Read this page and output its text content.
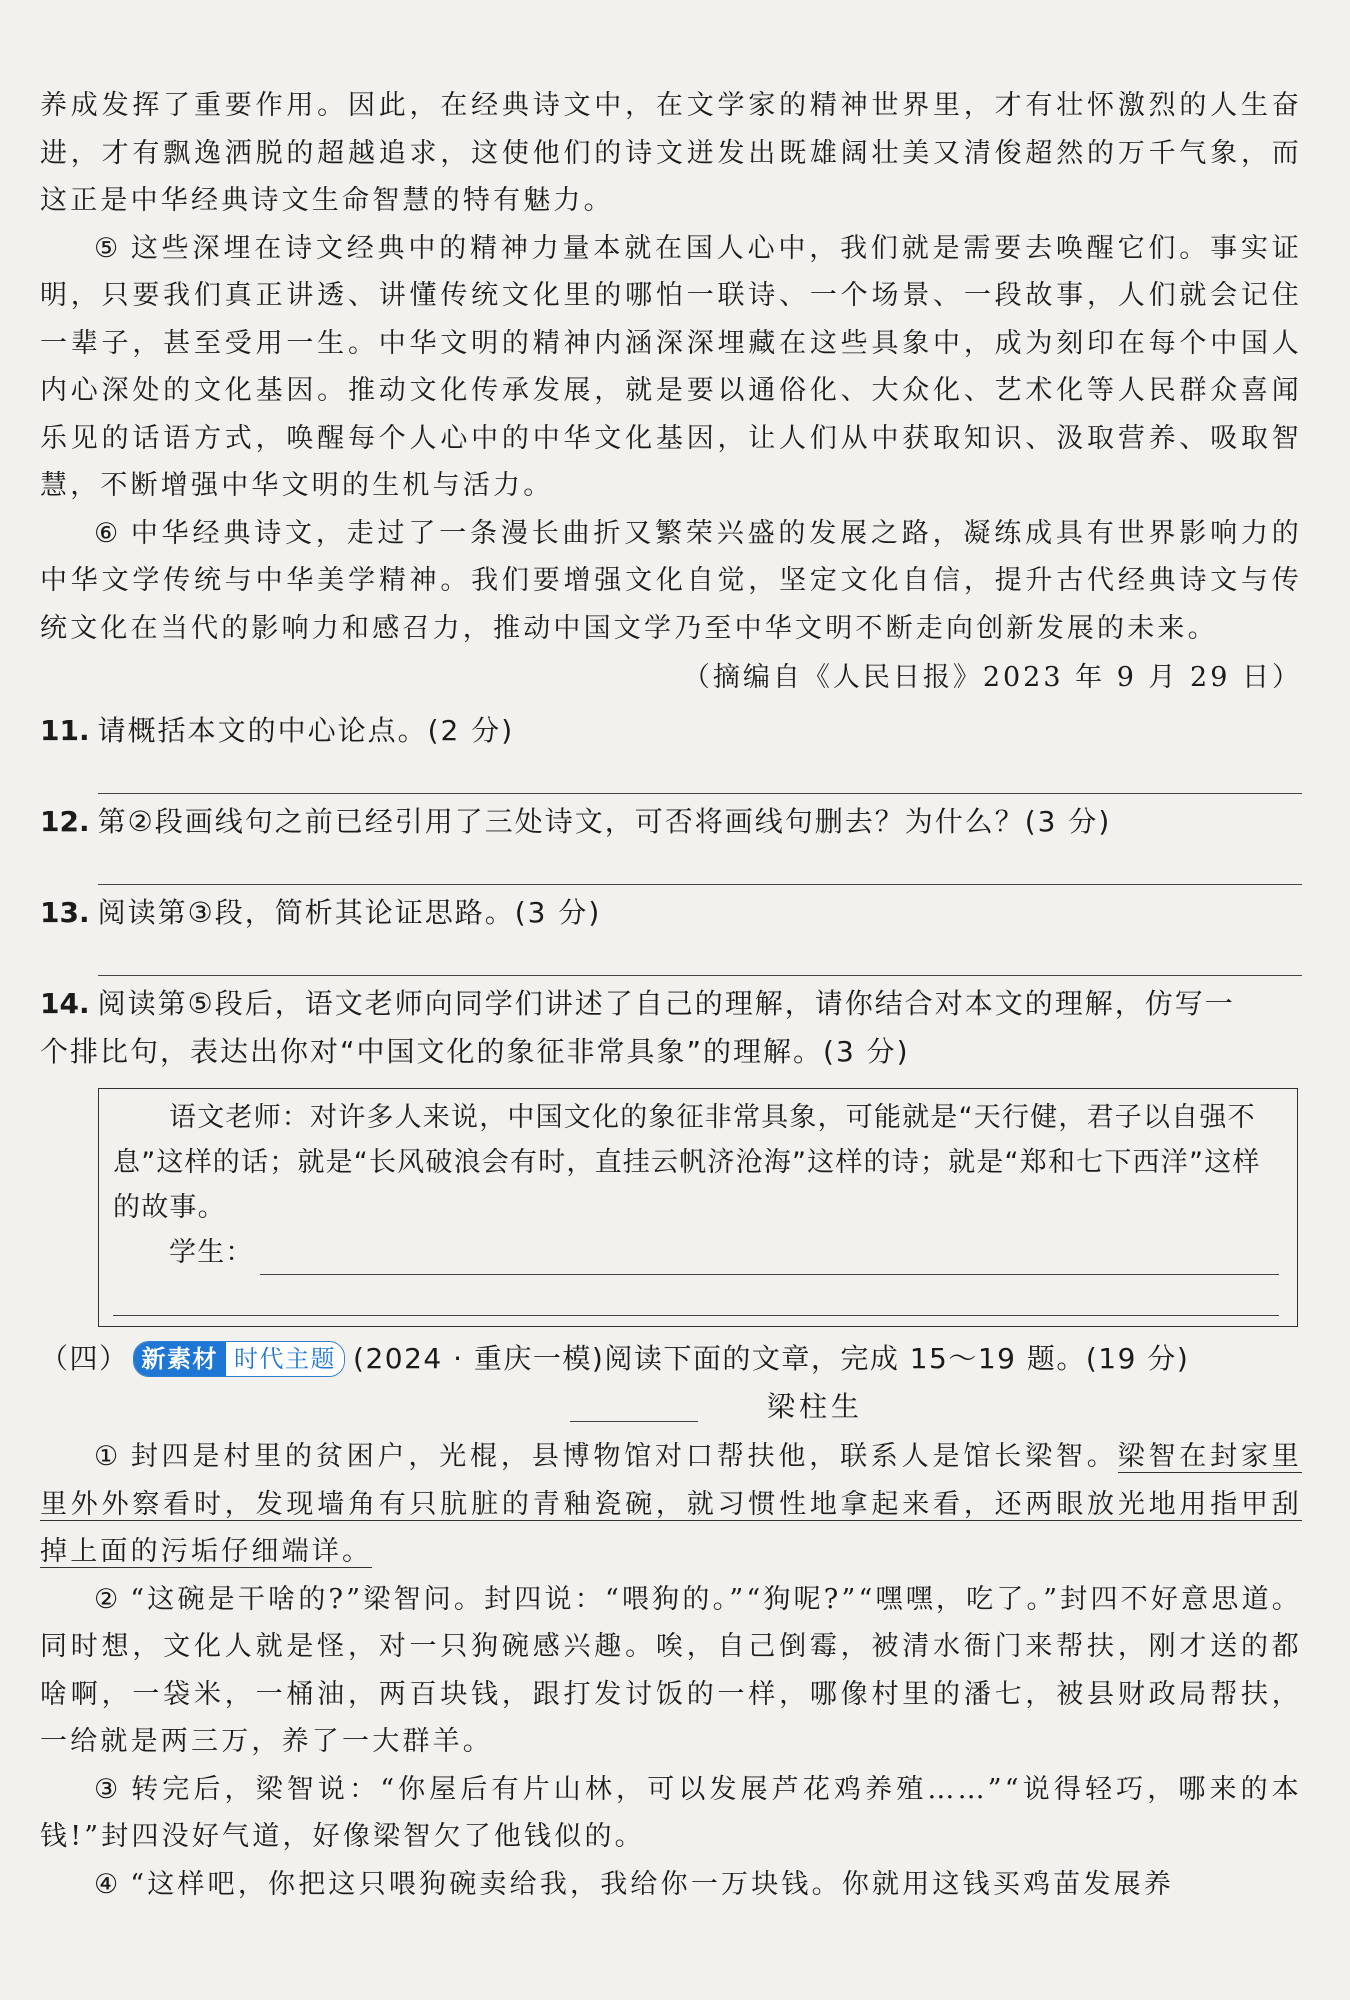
养成发挥了重要作用。因此，在经典诗文中，在文学家的精神世界里，才有壮怀激烈的人生奋进，才有飘逸洒脱的超越追求，这使他们的诗文迸发出既雄阔壮美又清俊超然的万千气象，而这正是中华经典诗文生命智慧的特有魅力。

⑤ 这些深埋在诗文经典中的精神力量本就在国人心中，我们就是需要去唤醒它们。事实证明，只要我们真正讲透、讲懂传统文化里的哪怕一联诗、一个场景、一段故事，人们就会记住一辈子，甚至受用一生。中华文明的精神内涵深深埋藏在这些具象中，成为刻印在每个中国人内心深处的文化基因。推动文化传承发展，就是要以通俗化、大众化、艺术化等人民群众喜闻乐见的话语方式，唤醒每个人心中的中华文化基因，让人们从中获取知识、汲取营养、吸取智慧，不断增强中华文明的生机与活力。

⑥ 中华经典诗文，走过了一条漫长曲折又繁荣兴盛的发展之路，凝练成具有世界影响力的中华文学传统与中华美学精神。我们要增强文化自觉，坚定文化自信，提升古代经典诗文与传统文化在当代的影响力和感召力，推动中国文学乃至中华文明不断走向创新发展的未来。

（摘编自《人民日报》2023 年 9 月 29 日）

11. 请概括本文的中心论点。(2 分)

12. 第②段画线句之前已经引用了三处诗文，可否将画线句删去？为什么？(3 分)

13. 阅读第③段，简析其论证思路。(3 分)

14. 阅读第⑤段后，语文老师向同学们讲述了自己的理解，请你结合对本文的理解，仿写一

个排比句，表达出你对“中国文化的象征非常具象”的理解。(3 分)

语文老师：对许多人来说，中国文化的象征非常具象，可能就是“天行健，君子以自强不息”这样的话；就是“长风破浪会有时，直挂云帆济沧海”这样的诗；就是“郑和七下西洋”这样的故事。

学生：
（四） 新素材 时代主题 (2024 · 重庆一模)阅读下面的文章，完成 15～19 题。(19 分)
梁柱生

① 封四是村里的贫困户，光棍，县博物馆对口帮扶他，联系人是馆长梁智。梁智在封家里里外外察看时，发现墙角有只肮脏的青釉瓷碗，就习惯性地拿起来看，还两眼放光地用指甲刮掉上面的污垢仔细端详。

② “这碗是干啥的?”梁智问。封四说：“喂狗的。”“狗呢?”“嘿嘿，吃了。”封四不好意思道。同时想，文化人就是怪，对一只狗碗感兴趣。唉，自己倒霉，被清水衙门来帮扶，刚才送的都啥啊，一袋米，一桶油，两百块钱，跟打发讨饭的一样，哪像村里的潘七，被县财政局帮扶，一给就是两三万，养了一大群羊。

③ 转完后，梁智说：“你屋后有片山林，可以发展芦花鸡养殖……”“说得轻巧，哪来的本钱!”封四没好气道，好像梁智欠了他钱似的。

④ “这样吧，你把这只喂狗碗卖给我，我给你一万块钱。你就用这钱买鸡苗发展养
